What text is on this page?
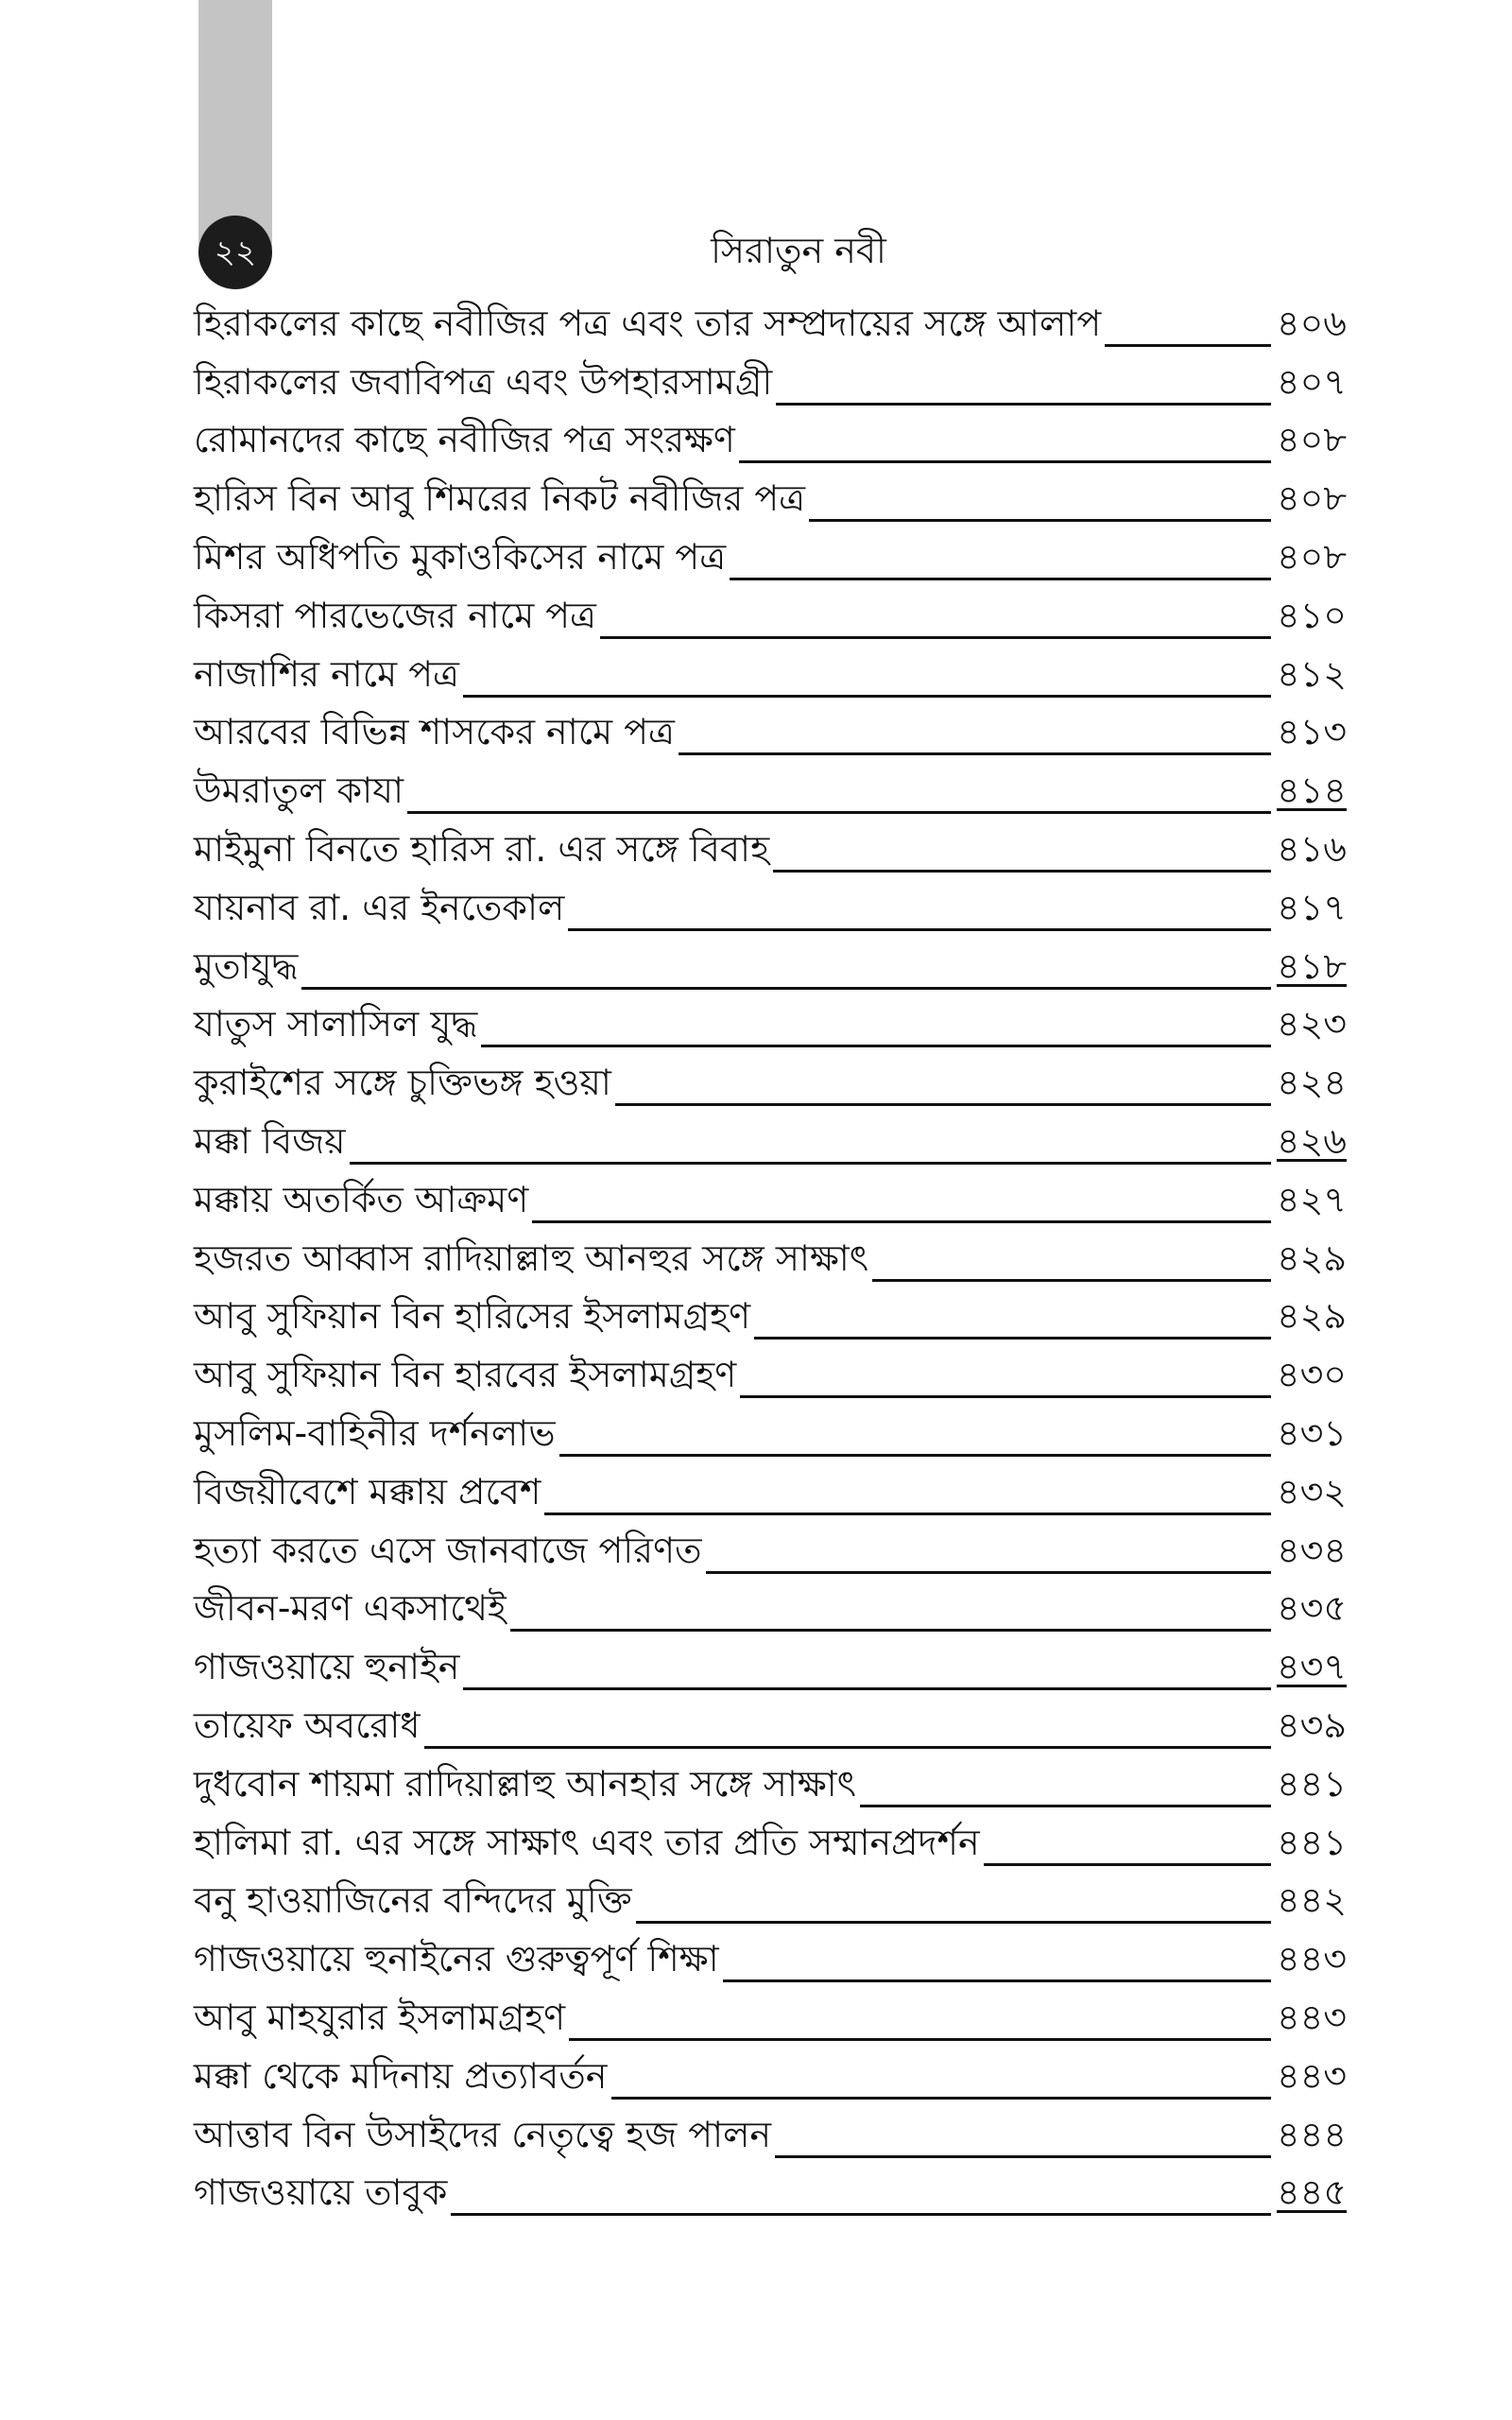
২২	সিরাতুন নবী
হিরাকলের কাছে নবীজির পত্র এবং তার সম্প্রদায়ের সঙ্গে আলাপ	৪০৬
হিরাকলের জবাবিপত্র এবং উপহারসামগ্রী	৪০৭
রোমানদের কাছে নবীজির পত্র সংরক্ষণ	৪০৮
হারিস বিন আবু শিমরের নিকট নবীজির পত্র	৪০৮
মিশর অধিপতি মুকাওকিসের নামে পত্র	৪০৮
কিসরা পারভেজের নামে পত্র	৪১০
নাজাশির নামে পত্র	৪১২
আরবের বিভিন্ন শাসকের নামে পত্র	৪১৩
উমরাতুল কাযা	৪১৪
মাইমুনা বিনতে হারিস রা. এর সঙ্গে বিবাহ	৪১৬
যায়নাব রা. এর ইনতেকাল	৪১৭
মুতাযুদ্ধ	৪১৮
যাতুস সালাসিল যুদ্ধ	৪২৩
কুরাইশের সঙ্গে চুক্তিভঙ্গ হওয়া	৪২৪
মক্কা বিজয়	৪২৬
মক্কায় অতর্কিত আক্রমণ	৪২৭
হজরত আব্বাস রাদিয়াল্লাহু আনহুর সঙ্গে সাক্ষাৎ	৪২৯
আবু সুফিয়ান বিন হারিসের ইসলামগ্রহণ	৪২৯
আবু সুফিয়ান বিন হারবের ইসলামগ্রহণ	৪৩০
মুসলিম-বাহিনীর দর্শনলাভ	৪৩১
বিজয়ীবেশে মক্কায় প্রবেশ	৪৩২
হত্যা করতে এসে জানবাজে পরিণত	৪৩৪
জীবন-মরণ একসাথেই	৪৩৫
গাজওয়ায়ে হুনাইন	৪৩৭
তায়েফ অবরোধ	৪৩৯
দুধবোন শায়মা রাদিয়াল্লাহু আনহার সঙ্গে সাক্ষাৎ	৪৪১
হালিমা রা. এর সঙ্গে সাক্ষাৎ এবং তার প্রতি সম্মানপ্রদর্শন	৪৪১
বনু হাওয়াজিনের বন্দিদের মুক্তি	৪৪২
গাজওয়ায়ে হুনাইনের গুরুত্বপূর্ণ শিক্ষা	৪৪৩
আবু মাহযুরার ইসলামগ্রহণ	৪৪৩
মক্কা থেকে মদিনায় প্রত্যাবর্তন	৪৪৩
আত্তাব বিন উসাইদের নেতৃত্বে হজ পালন	৪৪৪
গাজওয়ায়ে তাবুক	৪৪৫
